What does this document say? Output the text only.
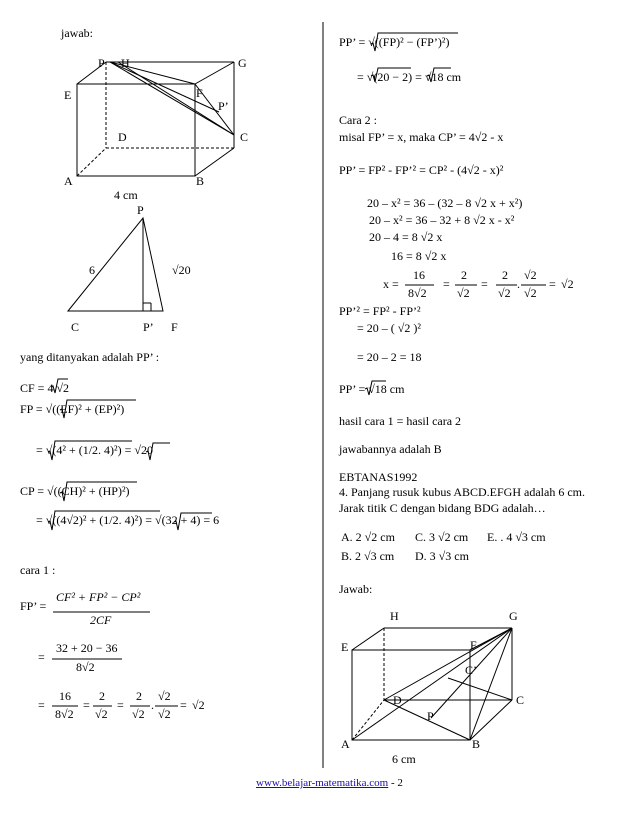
jawab:
P H	G
E	F
P’
D	C
A	B
4 cm
P
6	√20
C	P’ F
yang ditanyakan adalah PP’ :
CF = 4 √2
FP = √((EF)² + (EP)²)
= √(4² + (1/2. 4)²) = √20
CP = √((CH)² + (HP)²)
= √((4√2)² + (1/2. 4)²) = √(32 + 4) = 6
cara 1 :
FP’ =
CF² + FP² − CP²
2CF
=
32 + 20 − 36
8√2
=
16
8√2
=
2
√2
=
2
√2
.
√2
√2
= √2
PP’ = √((FP)² − (FP’)²)
= √(20 − 2) = √18 cm
Cara 2 :
misal FP’ = x, maka CP’ = 4√2 - x
PP’ = FP² - FP’² = CP² - (4√2 - x)²
20 – x² = 36 – (32 – 8 √2 x + x²)
20 – x² = 36 – 32 + 8 √2 x - x²
20 – 4 = 8 √2 x
16 = 8 √2 x
x =
16
8√2
=
2
√2
=
2
√2
.
√2
√2
= √2
PP’² = FP² - FP’²
= 20 – ( √2 )²
= 20 – 2 = 18
PP’ = √18 cm
hasil cara 1 = hasil cara 2
jawabannya adalah B
EBTANAS1992
4. Panjang rusuk kubus ABCD.EFGH adalah 6 cm.
Jarak titik C dengan bidang BDG adalah…
A. 2 √2 cm C. 3 √2 cm E. . 4 √3 cm
B. 2 √3 cm D. 3 √3 cm
Jawab:
H	G
E	F
C’
D	C
P
A	B
6 cm
www.belajar-matematika.com - 2
